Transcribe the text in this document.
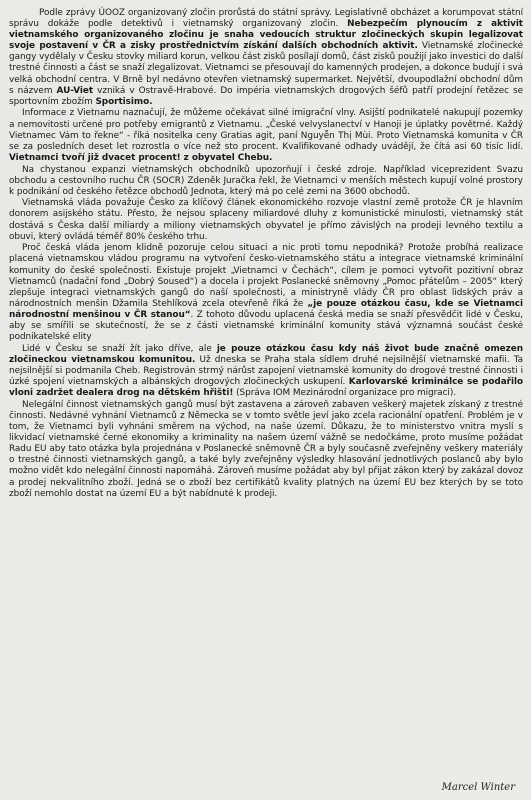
Podle zprávy ÚOOZ organizovaný zločin prorůstá do státní správy. Legislativně obcházet a korumpovat státní správu dokáže podle detektivů i vietnamský organizovaný zločin. Nebezpečím plynoucím z aktivit vietnamského organizovaného zločinu je snaha vedoucích struktur zločineckých skupin legalizovat svoje postavení v ČR a zisky prostřednictvím získání dalších obchodních aktivit. Vietnamské zločinecké gangy vydělaly v Česku stovky miliard korun, velkou část zisků posílají domů, část zisků použijí jako investici do další trestné činnosti a část se snaží zlegalizovat. Vietnamci se přesouvají do kamenných prodejen, a dokonce budují i svá velká obchodní centra. V Brně byl nedávno otevřen vietnamský supermarket. Největší, dvoupodlažní obchodní dům s názvem AU-Viet vzniká v Ostravě-Hrabové. Do impéria vietnamských drogových šéfů patří prodejní řetězec se sportovním zbožím Sportisimo.

Informace z Vietnamu naznačují, že můžeme očekávat silné imigrační vlny. Asijští podnikatelé nakupují pozemky a nemovitosti určené pro potřeby emigrantů z Vietnamu. „České velvyslanectví v Hanoji je úplatky povětrné. Každý Vietnamec Vám to řekne“ - říká nositelka ceny Gratias agit, paní Nguyễn Thị Mùi. Proto Vietnamská komunita v ČR se za posledních deset let rozrostla o více než sto procent. Kvalifikované odhady uvádějí, že čítá asi 60 tisíc lidí. Vietnamci tvoří již dvacet procent! z obyvatel Chebu.

Na chystanou expanzi vietnamských obchodníků upozorňují i české zdroje. Například viceprezident Svazu obchodu a cestovního ruchu ČR (SOCR) Zdeněk Juračka řekl, že Vietnamci v menších městech kupují volné prostory k podnikání od českého řetězce obchodů Jednota, který má po celé zemi na 3600 obchodů.

Vietnamská vláda považuje Česko za klíčový článek ekonomického rozvoje vlastní země protože ČR je hlavním donorem asijského státu. Přesto, že nejsou splaceny miliardové dluhy z komunistické minulosti, vietnamský stát dostává s Česka další miliardy a miliony vietnamských obyvatel je přímo závislých na prodeji levného textilu a obuvi, který ovládá téměř 80% českého trhu.

Proč česká vláda jenom klidně pozoruje celou situaci a nic proti tomu nepodniká? Protože probíhá realizace placená vietnamskou vládou programu na vytvoření česko-vietnamského státu a integrace vietnamské kriminální komunity do české společnosti. Existuje projekt „Vietnamci v Čechách“, cílem je pomoci vytvořit pozitivní obraz Vietnamců (nadační fond „Dobrý Soused“) a docela i projekt Poslanecké sněmovny „Pomoc přátelům – 2005“ který zlepšuje integraci vietnamských gangů do naší společnosti, a ministryně vlády ČR pro oblast lidských práv a národnostních menšin Džamila Stehlíková zcela otevřeně říká že „je pouze otázkou času, kde se Vietnamci národnostní menšinou v ČR stanou“. Z tohoto důvodu uplacená česká media se snaží přesvědčit lidé v Česku, aby se smířili se skutečností, že se z části vietnamské kriminální komunity stává významná součást české podnikatelské elity

Lidé v Česku se snaží žít jako dříve, ale je pouze otázkou času kdy náš život bude značně omezen zločineckou vietnamskou komunitou. Už dneska se Praha stala sídlem druhé nejsilnější vietnamské mafii. Ta nejsilnější si podmanila Cheb. Registrován strmý nárůst zapojení vietnamské komunity do drogové trestné činnosti i úzké spojení vietnamských a albánských drogových zločineckých uskupení. Karlovarské kriminálce se podařilo vloni zadržet dealera drog na dětském hřišti! (Správa IOM Mezinárodní organizace pro migraci).

Nelegální činnost vietnamských gangů musí být zastavena a zároveň zabaven veškerý majetek získaný z trestné činnosti. Nedávné vyhnání Vietnamců z Německa se v tomto světle jeví jako zcela racionální opatření. Problém je v tom, že Vietnamci byli vyhnáni směrem na východ, na naše území. Důkazu, že to ministerstvo vnitra myslí s likvidací vietnamské černé ekonomiky a kriminality na našem území vážně se nedočkáme, proto musíme požádat Radu EU aby tato otázka byla projednána v Poslanecké sněmovně ČR a byly současně zveřejněny veškery materiály o trestné činnosti vietnamských gangů, a také byly zveřejněny výsledky hlasování jednotlivých poslanců aby bylo možno vidět kdo nelegální činnosti napomáhá. Zároveň musíme požádat aby byl přijat zákon který by zakázal dovoz a prodej nekvalitního zboží. Jedná se o zboží bez certifikátů kvality platných na území EU bez kterých by se toto zboží nemohlo dostat na území EU a být nabídnuté k prodeji.

Marcel Winter
